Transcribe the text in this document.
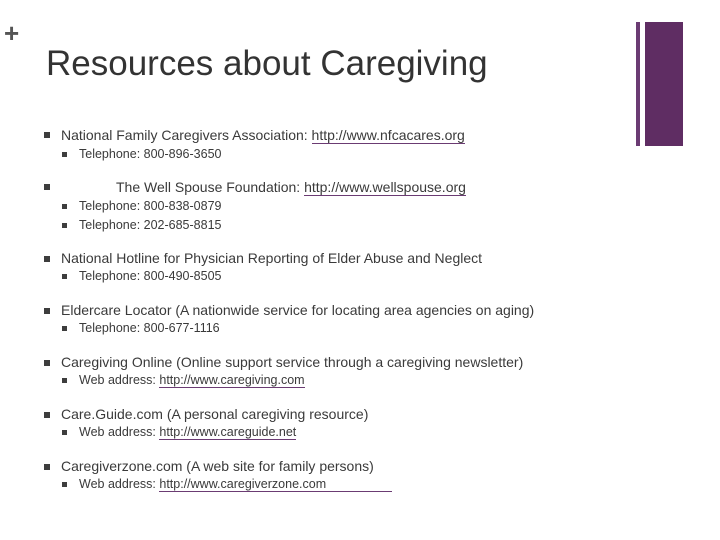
+
Resources about Caregiving
National Family Caregivers Association: http://www.nfcacares.org
Telephone: 800-896-3650
The Well Spouse Foundation: http://www.wellspouse.org
Telephone: 800-838-0879
Telephone: 202-685-8815
National Hotline for Physician Reporting of Elder Abuse and Neglect
Telephone: 800-490-8505
Eldercare Locator (A nationwide service for locating area agencies on aging)
Telephone: 800-677-1116
Caregiving Online (Online support service through a caregiving newsletter)
Web address: http://www.caregiving.com
Care.Guide.com (A personal caregiving resource)
Web address: http://www.careguide.net
Caregiverzone.com (A web site for family persons)
Web address: http://www.caregiverzone.com
